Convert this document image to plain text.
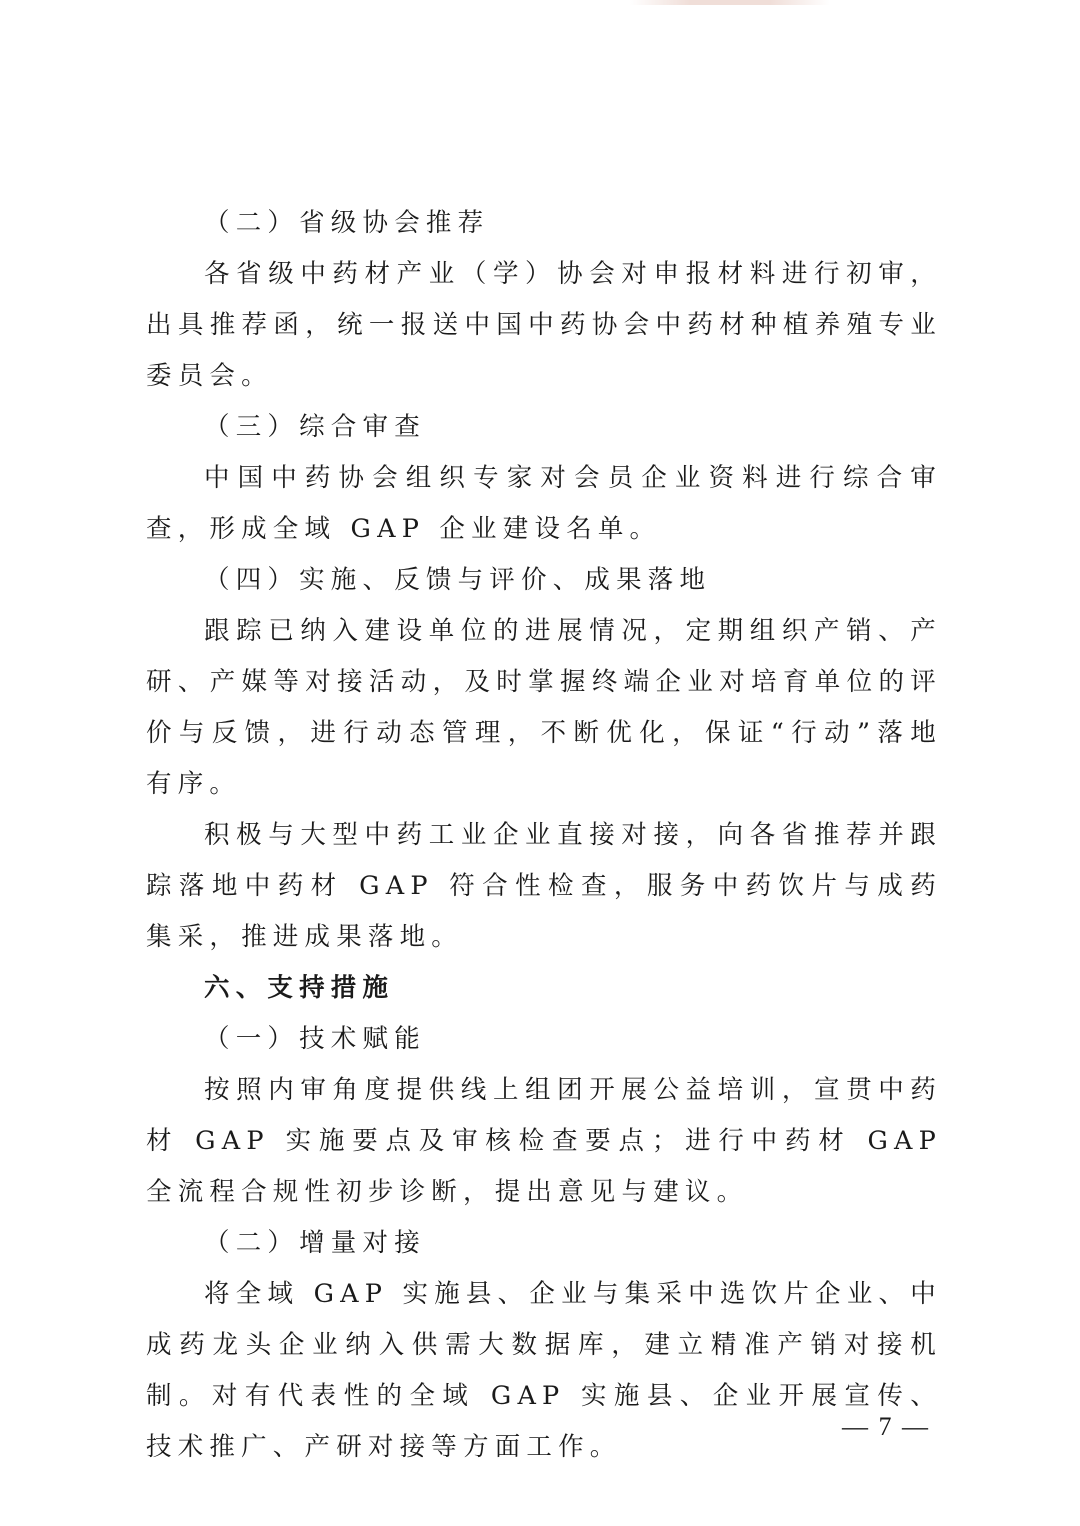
（二）省级协会推荐

各省级中药材产业（学）协会对申报材料进行初审，出具推荐函，统一报送中国中药协会中药材种植养殖专业委员会。

（三）综合审查

中国中药协会组织专家对会员企业资料进行综合审查，形成全域 GAP 企业建设名单。

（四）实施、反馈与评价、成果落地

跟踪已纳入建设单位的进展情况，定期组织产销、产研、产媒等对接活动，及时掌握终端企业对培育单位的评价与反馈，进行动态管理，不断优化，保证“行动”落地有序。

积极与大型中药工业企业直接对接，向各省推荐并跟踪落地中药材 GAP 符合性检查，服务中药饮片与成药集采，推进成果落地。

六、支持措施

（一）技术赋能

按照内审角度提供线上组团开展公益培训，宣贯中药材 GAP 实施要点及审核检查要点；进行中药材 GAP 全流程合规性初步诊断，提出意见与建议。

（二）增量对接

将全域 GAP 实施县、企业与集采中选饮片企业、中成药龙头企业纳入供需大数据库，建立精准产销对接机制。对有代表性的全域 GAP 实施县、企业开展宣传、技术推广、产研对接等方面工作。

— 7 —
